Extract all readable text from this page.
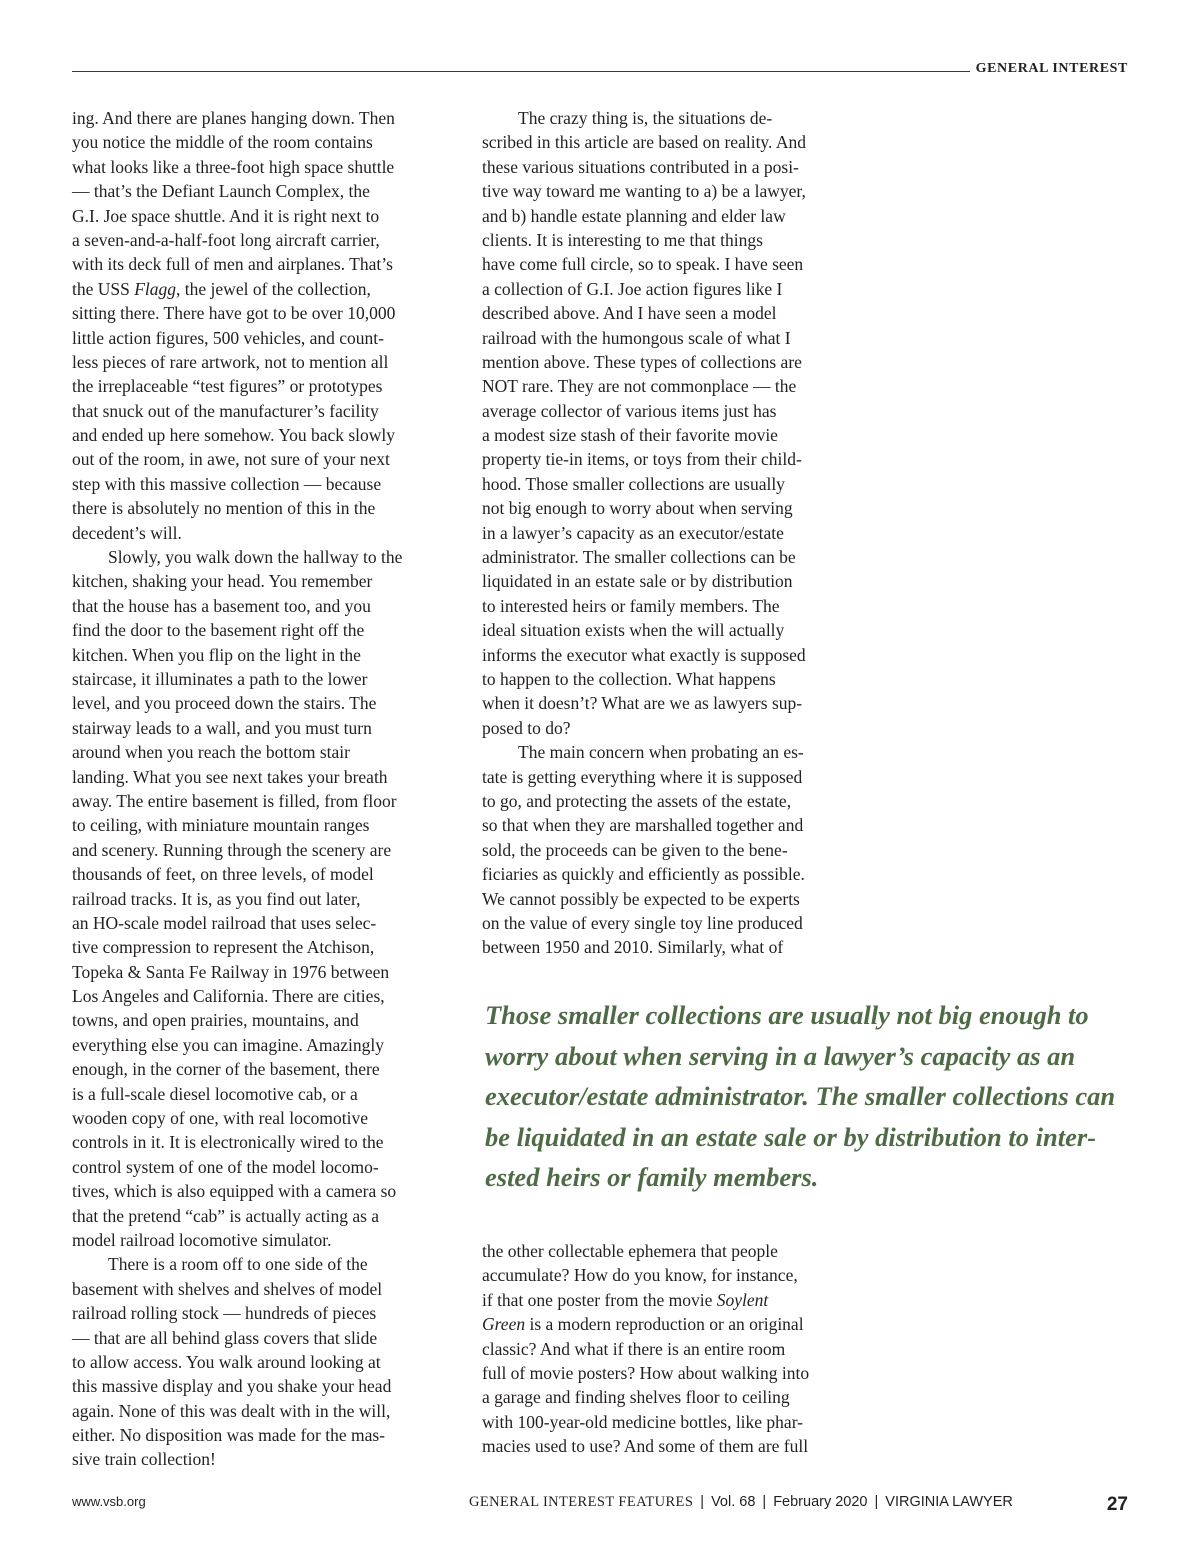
GENERAL INTEREST
ing. And there are planes hanging down. Then
you notice the middle of the room contains
what looks like a three-foot high space shuttle
— that’s the Defiant Launch Complex, the
G.I. Joe space shuttle. And it is right next to
a seven-and-a-half-foot long aircraft carrier,
with its deck full of men and airplanes. That’s
the USS Flagg, the jewel of the collection,
sitting there. There have got to be over 10,000
little action figures, 500 vehicles, and count-
less pieces of rare artwork, not to mention all
the irreplaceable “test figures” or prototypes
that snuck out of the manufacturer’s facility
and ended up here somehow. You back slowly
out of the room, in awe, not sure of your next
step with this massive collection — because
there is absolutely no mention of this in the
decedent’s will.
Slowly, you walk down the hallway to the
kitchen, shaking your head. You remember
that the house has a basement too, and you
find the door to the basement right off the
kitchen. When you flip on the light in the
staircase, it illuminates a path to the lower
level, and you proceed down the stairs. The
stairway leads to a wall, and you must turn
around when you reach the bottom stair
landing. What you see next takes your breath
away. The entire basement is filled, from floor
to ceiling, with miniature mountain ranges
and scenery. Running through the scenery are
thousands of feet, on three levels, of model
railroad tracks. It is, as you find out later,
an HO-scale model railroad that uses selec-
tive compression to represent the Atchison,
Topeka & Santa Fe Railway in 1976 between
Los Angeles and California. There are cities,
towns, and open prairies, mountains, and
everything else you can imagine. Amazingly
enough, in the corner of the basement, there
is a full-scale diesel locomotive cab, or a
wooden copy of one, with real locomotive
controls in it. It is electronically wired to the
control system of one of the model locomo-
tives, which is also equipped with a camera so
that the pretend “cab” is actually acting as a
model railroad locomotive simulator.
There is a room off to one side of the
basement with shelves and shelves of model
railroad rolling stock — hundreds of pieces
— that are all behind glass covers that slide
to allow access. You walk around looking at
this massive display and you shake your head
again. None of this was dealt with in the will,
either. No disposition was made for the mas-
sive train collection!
The crazy thing is, the situations de-
scribed in this article are based on reality. And
these various situations contributed in a posi-
tive way toward me wanting to a) be a lawyer,
and b) handle estate planning and elder law
clients. It is interesting to me that things
have come full circle, so to speak. I have seen
a collection of G.I. Joe action figures like I
described above. And I have seen a model
railroad with the humongous scale of what I
mention above. These types of collections are
NOT rare. They are not commonplace — the
average collector of various items just has
a modest size stash of their favorite movie
property tie-in items, or toys from their child-
hood. Those smaller collections are usually
not big enough to worry about when serving
in a lawyer’s capacity as an executor/estate
administrator. The smaller collections can be
liquidated in an estate sale or by distribution
to interested heirs or family members. The
ideal situation exists when the will actually
informs the executor what exactly is supposed
to happen to the collection. What happens
when it doesn’t? What are we as lawyers sup-
posed to do?
The main concern when probating an es-
tate is getting everything where it is supposed
to go, and protecting the assets of the estate,
so that when they are marshalled together and
sold, the proceeds can be given to the bene-
ficiaries as quickly and efficiently as possible.
We cannot possibly be expected to be experts
on the value of every single toy line produced
between 1950 and 2010. Similarly, what of
Those smaller collections are usually not big enough to
worry about when serving in a lawyer’s capacity as an
executor/estate administrator. The smaller collections can
be liquidated in an estate sale or by distribution to inter-
ested heirs or family members.
the other collectable ephemera that people
accumulate? How do you know, for instance,
if that one poster from the movie Soylent
Green is a modern reproduction or an original
classic? And what if there is an entire room
full of movie posters? How about walking into
a garage and finding shelves floor to ceiling
with 100-year-old medicine bottles, like phar-
macies used to use? And some of them are full
www.vsb.org	GENERAL INTEREST FEATURES | Vol. 68 | February 2020 | VIRGINIA LAWYER	27
